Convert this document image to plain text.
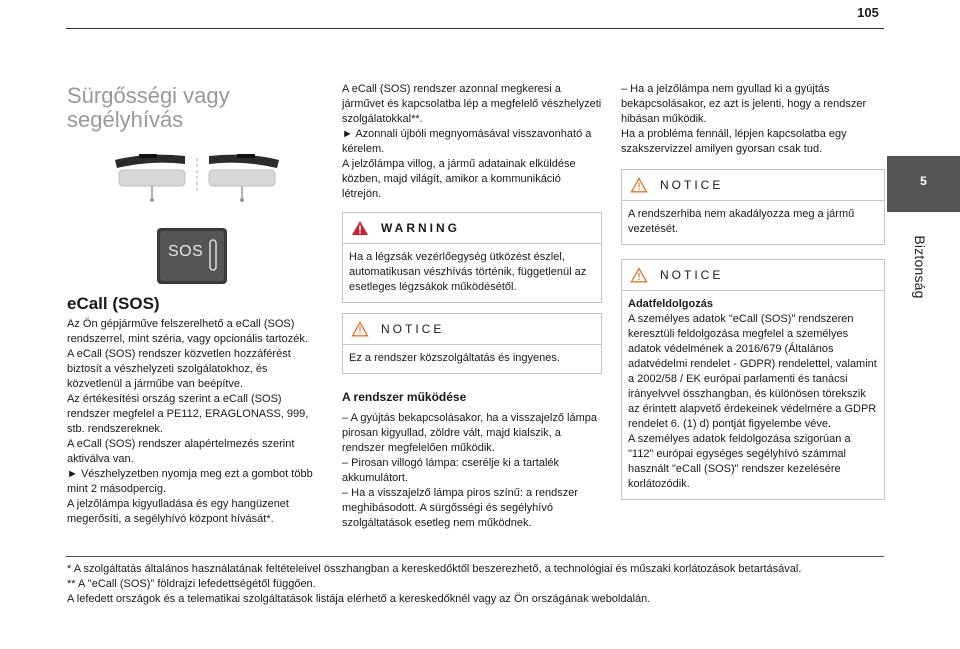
105
5
Biztonság
Sürgősségi vagy
segélyhívás
SOS
eCall (SOS)

Az Ön gépjárműve felszerelhető a eCall (SOS) rendszerrel, mint széria, vagy opcionális tartozék.

A eCall (SOS) rendszer közvetlen hozzáférést biztosít a vészhelyzeti szolgálatokhoz, és közvetlenül a járműbe van beépítve.

Az értékesítési ország szerint a eCall (SOS) rendszer megfelel a PE112, ERAGLONASS, 999, stb. rendszereknek.

A eCall (SOS) rendszer alapértelmezés szerint aktiválva van.

► Vészhelyzetben nyomja meg ezt a gombot több mint 2 másodpercig.

A jelzőlámpa kigyulladása és egy hangüzenet megerősíti, a segélyhívó központ hívását*.

A eCall (SOS) rendszer azonnal megkeresi a járművet és kapcsolatba lép a megfelelő vészhelyzeti szolgálatokkal**.

► Azonnali újbóli megnyomásával visszavonható a kérelem.

A jelzőlámpa villog, a jármű adatainak elküldése közben, majd világít, amikor a kommunikáció létrejön.

WARNING
Ha a légzsák vezérlőegység ütközést észlel, automatikusan vészhívás történik, függetlenül az esetleges légzsákok működésétől.
NOTICE
Ez a rendszer közszolgáltatás és ingyenes.
A rendszer működése

– A gyújtás bekapcsolásakor, ha a visszajelző lámpa pirosan kigyullad, zöldre vált, majd kialszik, a rendszer megfelelően működik.

– Pirosan villogó lámpa: cserélje ki a tartalék akkumulátort.

– Ha a visszajelző lámpa piros színű: a rendszer meghibásodott. A sürgősségi és segélyhívó szolgáltatások esetleg nem működnek.

– Ha a jelzőlámpa nem gyullad ki a gyújtás bekapcsolásakor, ez azt is jelenti, hogy a rendszer hibásan működik.

Ha a probléma fennáll, lépjen kapcsolatba egy szakszervizzel amilyen gyorsan csak tud.

NOTICE
A rendszerhiba nem akadályozza meg a jármű vezetését.
NOTICE

Adatfeldolgozás

A személyes adatok "eCall (SOS)" rendszeren keresztüli feldolgozása megfelel a személyes adatok védelmének a 2016/679 (Általános adatvédelmi rendelet - GDPR) rendelettel, valamint a 2002/58 / EK európai parlamenti és tanácsi irányelvvel összhangban, és különösen törekszik az érintett alapvető érdekeinek védelmére a GDPR rendelet 6. (1) d) pontját figyelembe véve.

A személyes adatok feldolgozása szigorúan a "112" európai egységes segélyhívó számmal használt "eCall (SOS)" rendszer kezelésére korlátozódik.

* A szolgáltatás általános használatának feltételeivel összhangban a kereskedőktől beszerezhető, a technológiai és műszaki korlátozások betartásával.

** A "eCall (SOS)" földrajzi lefedettségétől függően.

A lefedett országok és a telematikai szolgáltatások listája elérhető a kereskedőknél vagy az Ön országának weboldalán.
